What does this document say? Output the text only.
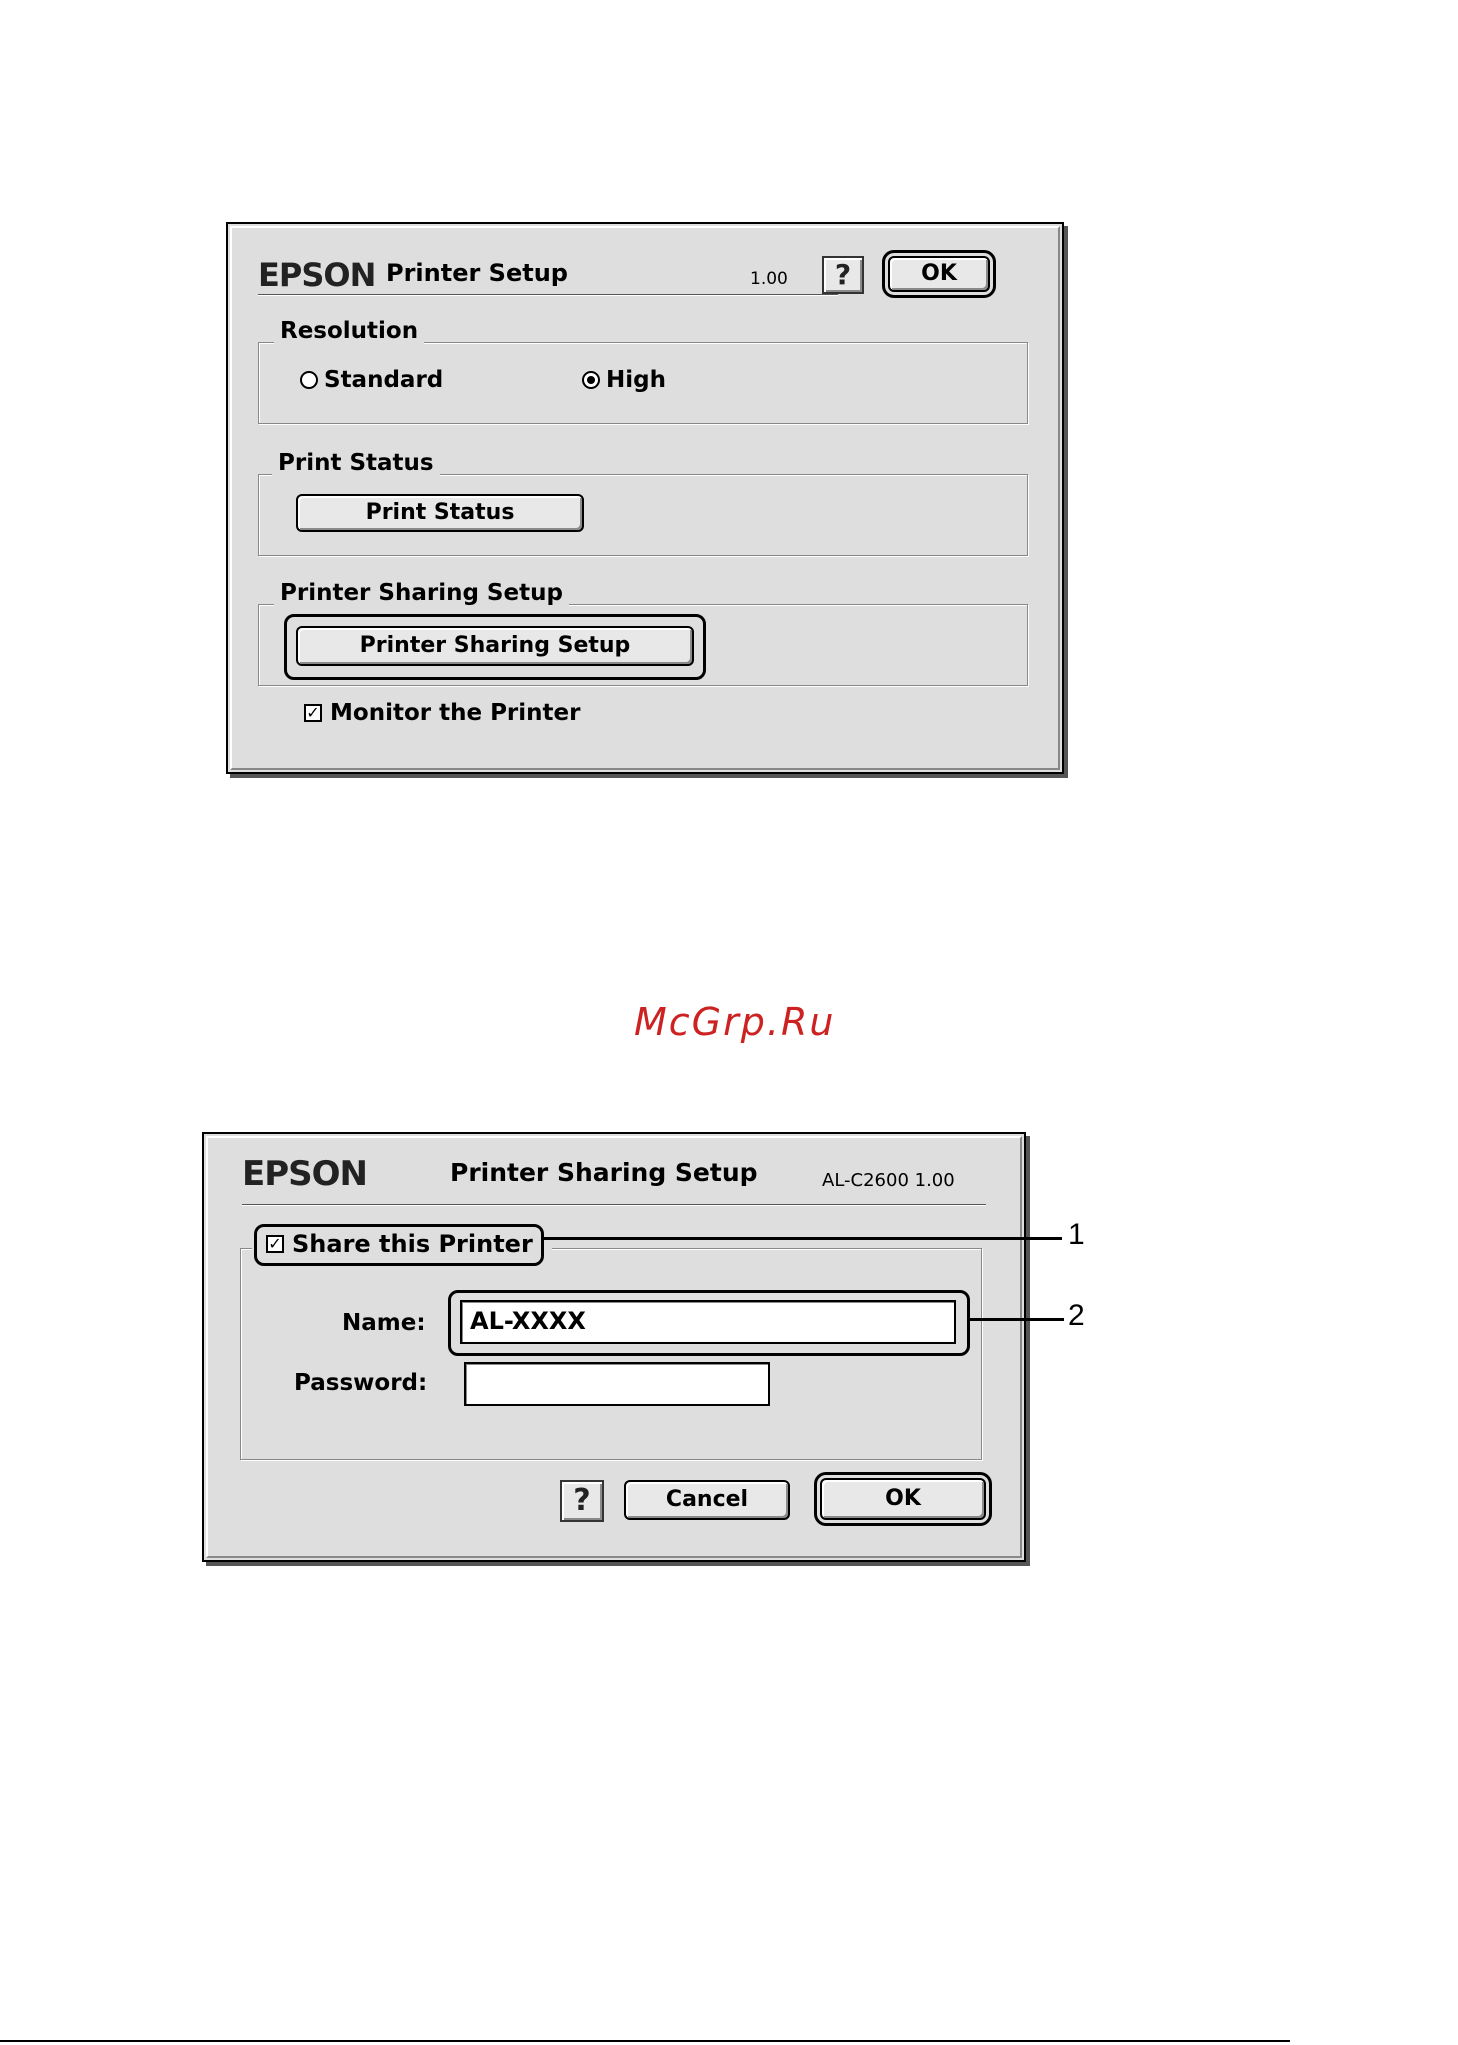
EPSON Printer Setup	1.00	?	OK
Resolution
Standard	High
Print Status
Print Status
Printer Sharing Setup
Printer Sharing Setup
✓ Monitor the Printer
McGrp.Ru
EPSON	Printer Sharing Setup	AL-C2600 1.00
✓ Share this Printer
Name:	AL-XXXX
Password:
?	Cancel	OK
1
2
